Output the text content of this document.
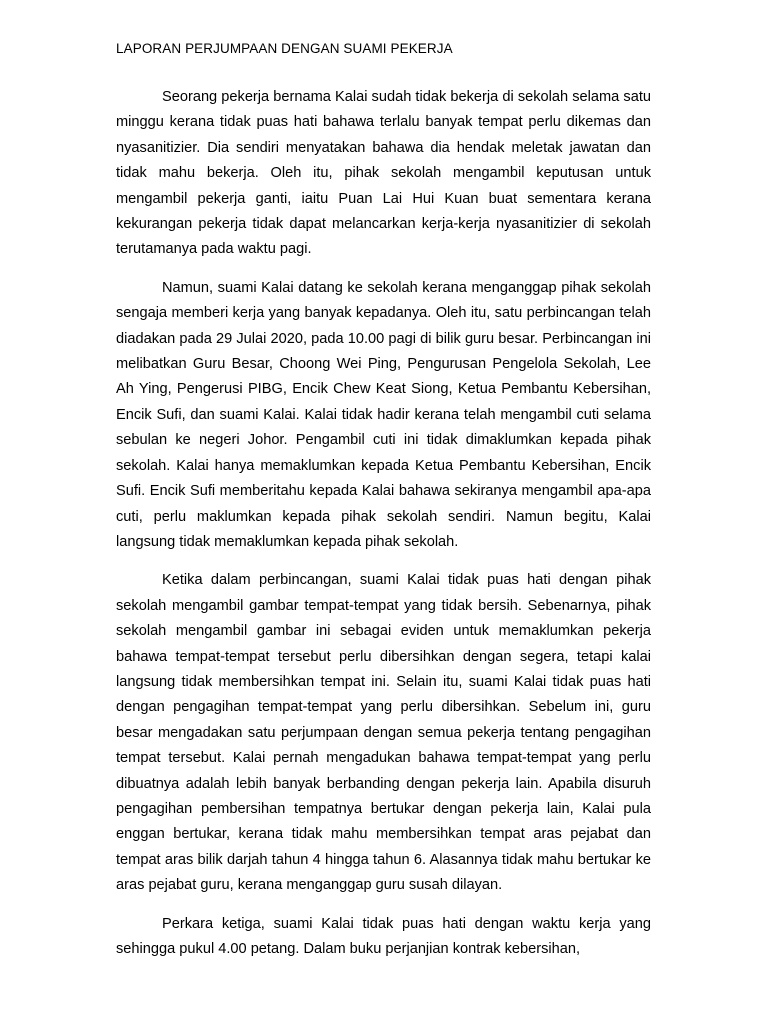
LAPORAN PERJUMPAAN DENGAN SUAMI PEKERJA

Seorang pekerja bernama Kalai sudah tidak bekerja di sekolah selama satu minggu kerana tidak puas hati bahawa terlalu banyak tempat perlu dikemas dan nyasanitizier. Dia sendiri menyatakan bahawa dia hendak meletak jawatan dan tidak mahu bekerja. Oleh itu, pihak sekolah mengambil keputusan untuk mengambil pekerja ganti, iaitu Puan Lai Hui Kuan buat sementara kerana kekurangan pekerja tidak dapat melancarkan kerja-kerja nyasanitizier di sekolah terutamanya pada waktu pagi.

Namun, suami Kalai datang ke sekolah kerana menganggap pihak sekolah sengaja memberi kerja yang banyak kepadanya. Oleh itu, satu perbincangan telah diadakan pada 29 Julai 2020, pada 10.00 pagi di bilik guru besar. Perbincangan ini melibatkan Guru Besar, Choong Wei Ping, Pengurusan Pengelola Sekolah, Lee Ah Ying, Pengerusi PIBG, Encik Chew Keat Siong, Ketua Pembantu Kebersihan, Encik Sufi, dan suami Kalai. Kalai tidak hadir kerana telah mengambil cuti selama sebulan ke negeri Johor. Pengambil cuti ini tidak dimaklumkan kepada pihak sekolah. Kalai hanya memaklumkan kepada Ketua Pembantu Kebersihan, Encik Sufi. Encik Sufi memberitahu kepada Kalai bahawa sekiranya mengambil apa-apa cuti, perlu maklumkan kepada pihak sekolah sendiri. Namun begitu, Kalai langsung tidak memaklumkan kepada pihak sekolah.

Ketika dalam perbincangan, suami Kalai tidak puas hati dengan pihak sekolah mengambil gambar tempat-tempat yang tidak bersih. Sebenarnya, pihak sekolah mengambil gambar ini sebagai eviden untuk memaklumkan pekerja bahawa tempat-tempat tersebut perlu dibersihkan dengan segera, tetapi kalai langsung tidak membersihkan tempat ini. Selain itu, suami Kalai tidak puas hati dengan pengagihan tempat-tempat yang perlu dibersihkan. Sebelum ini, guru besar mengadakan satu perjumpaan dengan semua pekerja tentang pengagihan tempat tersebut. Kalai pernah mengadukan bahawa tempat-tempat yang perlu dibuatnya adalah lebih banyak berbanding dengan pekerja lain. Apabila disuruh pengagihan pembersihan tempatnya bertukar dengan pekerja lain, Kalai pula enggan bertukar, kerana tidak mahu membersihkan tempat aras pejabat dan tempat aras bilik darjah tahun 4 hingga tahun 6. Alasannya tidak mahu bertukar ke aras pejabat guru, kerana menganggap guru susah dilayan.

Perkara ketiga, suami Kalai tidak puas hati dengan waktu kerja yang sehingga pukul 4.00 petang. Dalam buku perjanjian kontrak kebersihan,
